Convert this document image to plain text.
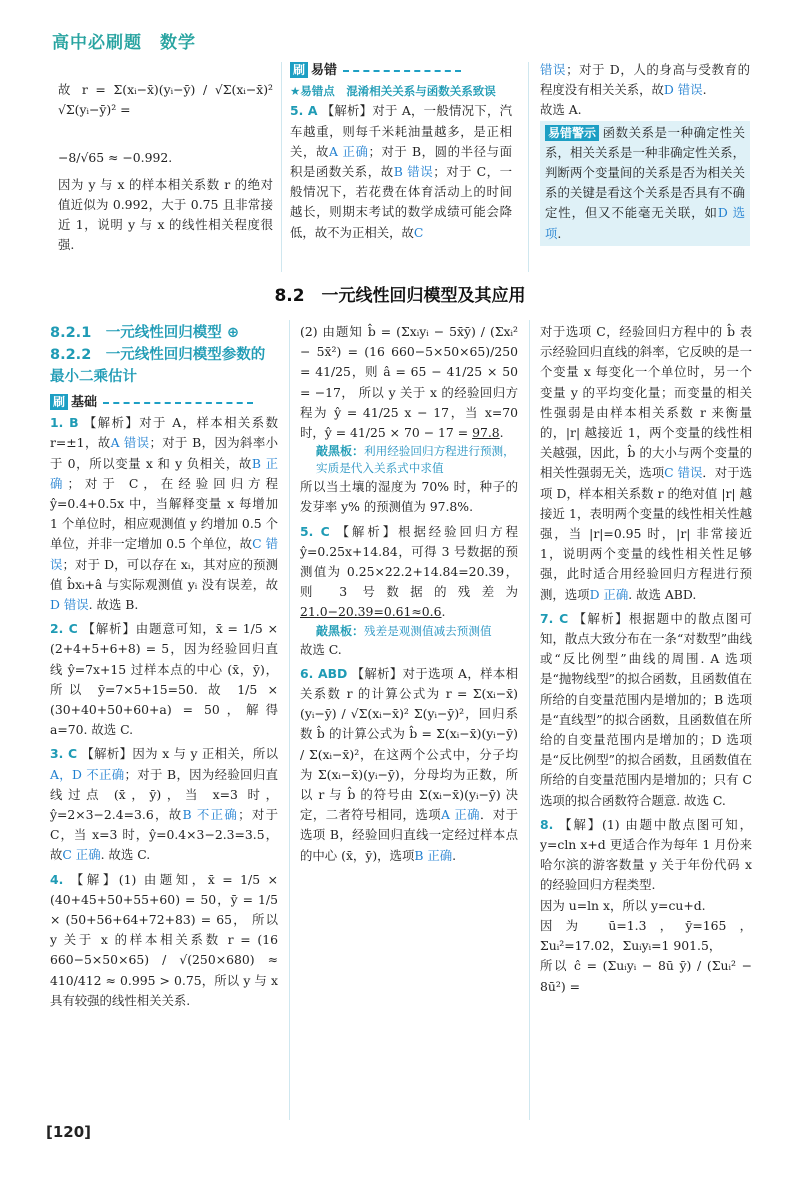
高中必刷题　数学

故 r = Σ(xᵢ−x̄)(yᵢ−ȳ) / √Σ(xᵢ−x̄)² √Σ(yᵢ−ȳ)² =

−8/√65 ≈ −0.992.

因为 y 与 x 的样本相关系数 r 的绝对值近似为 0.992，大于 0.75 且非常接近 1，说明 y 与 x 的线性相关程度很强.

刷 易错

★易错点　 混淆相关关系与函数关系致误

5. A 【解析】对于 A，一般情况下，汽车越重，则每千米耗油量越多，是正相关，故A 正确；对于 B，圆的半径与面积是函数关系，故B 错误；对于 C，一般情况下，若花费在体育活动上的时间越长，则期末考试的数学成绩可能会降低，故不为正相关，故C

错误；对于 D，人的身高与受教育的程度没有相关关系，故D 错误.

故选 A.

易错警示 函数关系是一种确定性关系，相关关系是一种非确定性关系，判断两个变量间的关系是否为相关关系的关键是看这个关系是否具有不确定性，但又不能毫无关联，如D 选项.

8.2　一元线性回归模型及其应用
8.2.1　一元线性回归模型 ⊕
8.2.2　一元线性回归模型参数的最小二乘估计

刷 基础

1. B 【解析】对于 A，样本相关系数 r=±1，故A 错误；对于 B，因为斜率小于 0，所以变量 x 和 y 负相关，故B 正确；对于 C，在经验回归方程 ŷ=0.4+0.5x 中，当解释变量 x 每增加 1 个单位时，相应观测值 y 约增加 0.5 个单位，并非一定增加 0.5 个单位，故C 错误；对于 D，可以存在 xᵢ，其对应的预测值 b̂xᵢ+â 与实际观测值 yᵢ 没有误差，故D 错误. 故选 B.

2. C 【解析】由题意可知，x̄ = 1/5 × (2+4+5+6+8) = 5，因为经验回归直线 ŷ=7x+15 过样本点的中心 (x̄，ȳ)，所以 ȳ=7×5+15=50. 故 1/5 × (30+40+50+60+a) = 50，解得 a=70. 故选 C.

3. C 【解析】因为 x 与 y 正相关，所以A，D 不正确；对于 B，因为经验回归直线过点 (x̄，ȳ)，当 x=3 时，ŷ=2×3−2.4=3.6，故B 不正确；对于 C，当 x=3 时，ŷ=0.4×3−2.3=3.5，故C 正确. 故选 C.

4. 【解】(1) 由题知，x̄ = 1/5 × (40+45+50+55+60) = 50，ȳ = 1/5 × (50+56+64+72+83) = 65， 所以 y 关于 x 的样本相关系数 r = (16 660−5×50×65) / √(250×680) ≈ 410/412 ≈ 0.995 > 0.75，所以 y 与 x 具有较强的线性相关关系.

(2) 由题知 b̂ = (Σxᵢyᵢ − 5x̄ȳ) / (Σxᵢ² − 5x̄²) = (16 660−5×50×65)/250 = 41/25，则 â = 65 − 41/25 × 50 = −17， 所以 y 关于 x 的经验回归方程为 ŷ = 41/25 x − 17，当 x=70 时，ŷ = 41/25 × 70 − 17 = 97.8.

敲黑板：利用经验回归方程进行预测，实质是代入关系式中求值

所以当土壤的湿度为 70% 时，种子的发芽率 y% 的预测值为 97.8%.

5. C 【解析】根据经验回归方程 ŷ=0.25x+14.84，可得 3 号数据的预测值为 0.25×22.2+14.84=20.39，则 3 号数据的残差为 21.0−20.39=0.61≈0.6.

敲黑板：残差是观测值减去预测值

故选 C.

6. ABD 【解析】对于选项 A，样本相关系数 r 的计算公式为 r = Σ(xᵢ−x̄)(yᵢ−ȳ) / √Σ(xᵢ−x̄)² Σ(yᵢ−ȳ)²，回归系数 b̂ 的计算公式为 b̂ = Σ(xᵢ−x̄)(yᵢ−ȳ) / Σ(xᵢ−x̄)²，在这两个公式中，分子均为 Σ(xᵢ−x̄)(yᵢ−ȳ)，分母均为正数，所以 r 与 b̂ 的符号由 Σ(xᵢ−x̄)(yᵢ−ȳ) 决定，二者符号相同，选项A 正确．对于选项 B，经验回归直线一定经过样本点的中心 (x̄，ȳ)，选项B 正确.

对于选项 C，经验回归方程中的 b̂ 表示经验回归直线的斜率，它反映的是一个变量 x 每变化一个单位时，另一个变量 y 的平均变化量；而变量的相关性强弱是由样本相关系数 r 来衡量的，|r| 越接近 1，两个变量的线性相关越强，因此，b̂ 的大小与两个变量的相关性强弱无关，选项C 错误．对于选项 D，样本相关系数 r 的绝对值 |r| 越接近 1，表明两个变量的线性相关性越强，当 |r|=0.95 时，|r| 非常接近 1，说明两个变量的线性相关性足够强，此时适合用经验回归方程进行预测，选项D 正确. 故选 ABD.

7. C 【解析】根据题中的散点图可知，散点大致分布在一条“对数型”曲线或“反比例型”曲线的周围. A 选项是“抛物线型”的拟合函数，且函数值在所给的自变量范围内是增加的；B 选项是“直线型”的拟合函数，且函数值在所给的自变量范围内是增加的；D 选项是“反比例型”的拟合函数，且函数值在所给的自变量范围内是增加的；只有 C 选项的拟合函数符合题意. 故选 C.

8. 【解】(1) 由题中散点图可知，y=cln x+d 更适合作为每年 1 月份来哈尔滨的游客数量 y 关于年份代码 x 的经验回归方程类型.

因为 u=ln x，所以 y=cu+d.

因为 ū=1.3，ȳ=165，Σuᵢ²=17.02，Σuᵢyᵢ=1 901.5，

所以 ĉ = (Σuᵢyᵢ − 8ū ȳ) / (Σuᵢ² − 8ū²) =

[120]
